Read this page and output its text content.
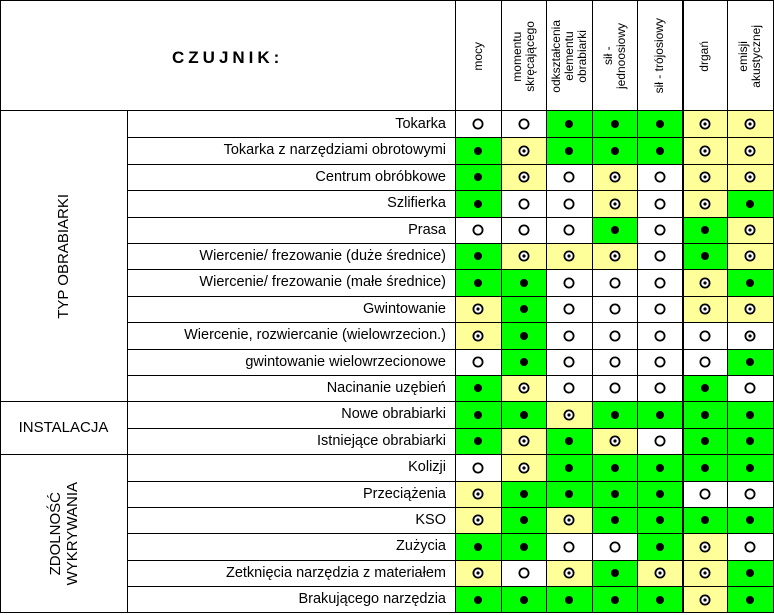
CZUJNIK:	mocy momentu
skręcającego odkształcenia
elementu
obrabiarki sił -
jednoosiowy sił - trójosiowy	drgań emisji
akustycznej
Tokarka
Tokarka z narzędziami obrotowymi
Centrum obróbkowe
Szlifierka
Prasa
Wiercenie/ frezowanie (duże średnice)
Wiercenie/ frezowanie (małe średnice)
Gwintowanie
Wiercenie, rozwiercanie (wielowrzecion.)
gwintowanie wielowrzecionowe
Nacinanie uzębień
Nowe obrabiarki
Istniejące obrabiarki
Kolizji
Przeciążenia
KSO
Zużycia
Zetknięcia narzędzia z materiałem
Brakującego narzędzia
TYP OBRABIARKI
INSTALACJA
ZDOLNOŚĆ
WYKRYWANIA
